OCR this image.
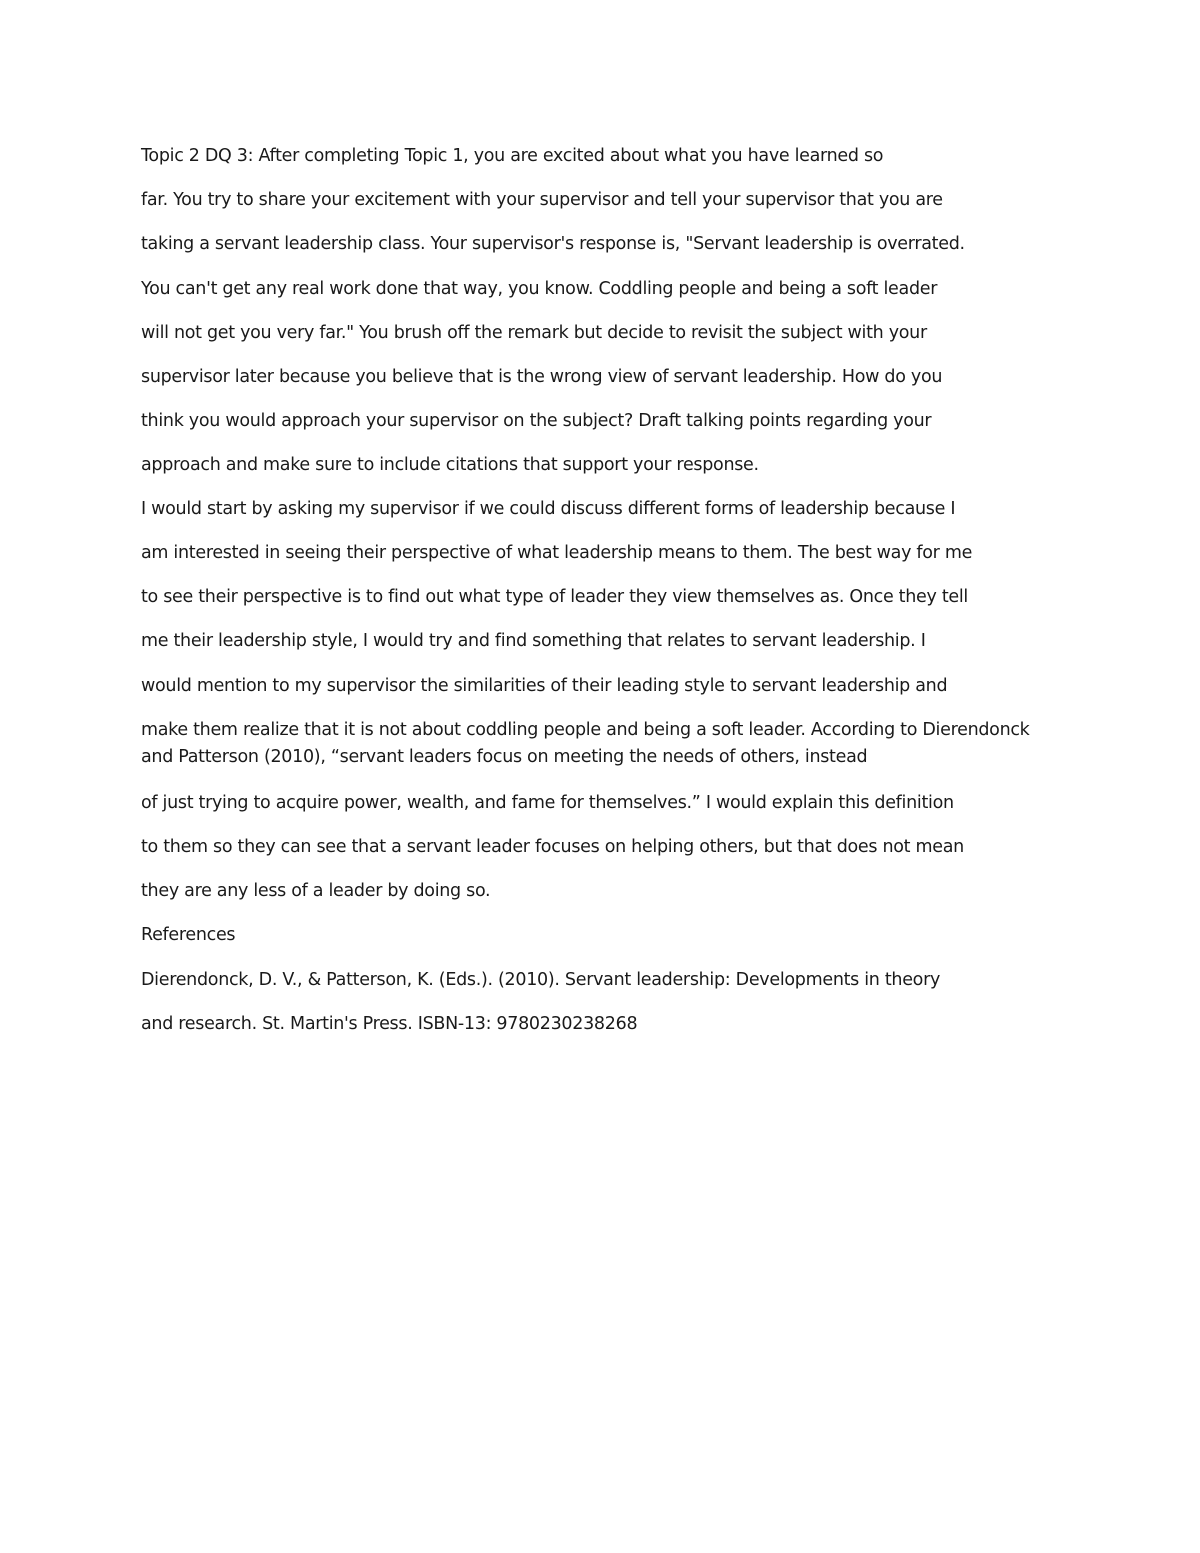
Topic 2 DQ 3: After completing Topic 1, you are excited about what you have learned so

far. You try to share your excitement with your supervisor and tell your supervisor that you are

taking a servant leadership class. Your supervisor's response is, "Servant leadership is overrated.

You can't get any real work done that way, you know. Coddling people and being a soft leader

will not get you very far." You brush off the remark but decide to revisit the subject with your

supervisor later because you believe that is the wrong view of servant leadership. How do you

think you would approach your supervisor on the subject? Draft talking points regarding your

approach and make sure to include citations that support your response.

I would start by asking my supervisor if we could discuss different forms of leadership because I

am interested in seeing their perspective of what leadership means to them. The best way for me

to see their perspective is to find out what type of leader they view themselves as. Once they tell

me their leadership style, I would try and find something that relates to servant leadership. I

would mention to my supervisor the similarities of their leading style to servant leadership and

make them realize that it is not about coddling people and being a soft leader. According to Dierendonck

and Patterson (2010), “servant leaders focus on meeting the needs of others, instead

of just trying to acquire power, wealth, and fame for themselves.” I would explain this definition

to them so they can see that a servant leader focuses on helping others, but that does not mean

they are any less of a leader by doing so.

References

Dierendonck, D. V., & Patterson, K. (Eds.). (2010). Servant leadership: Developments in theory

and research. St. Martin's Press. ISBN-13: 9780230238268
